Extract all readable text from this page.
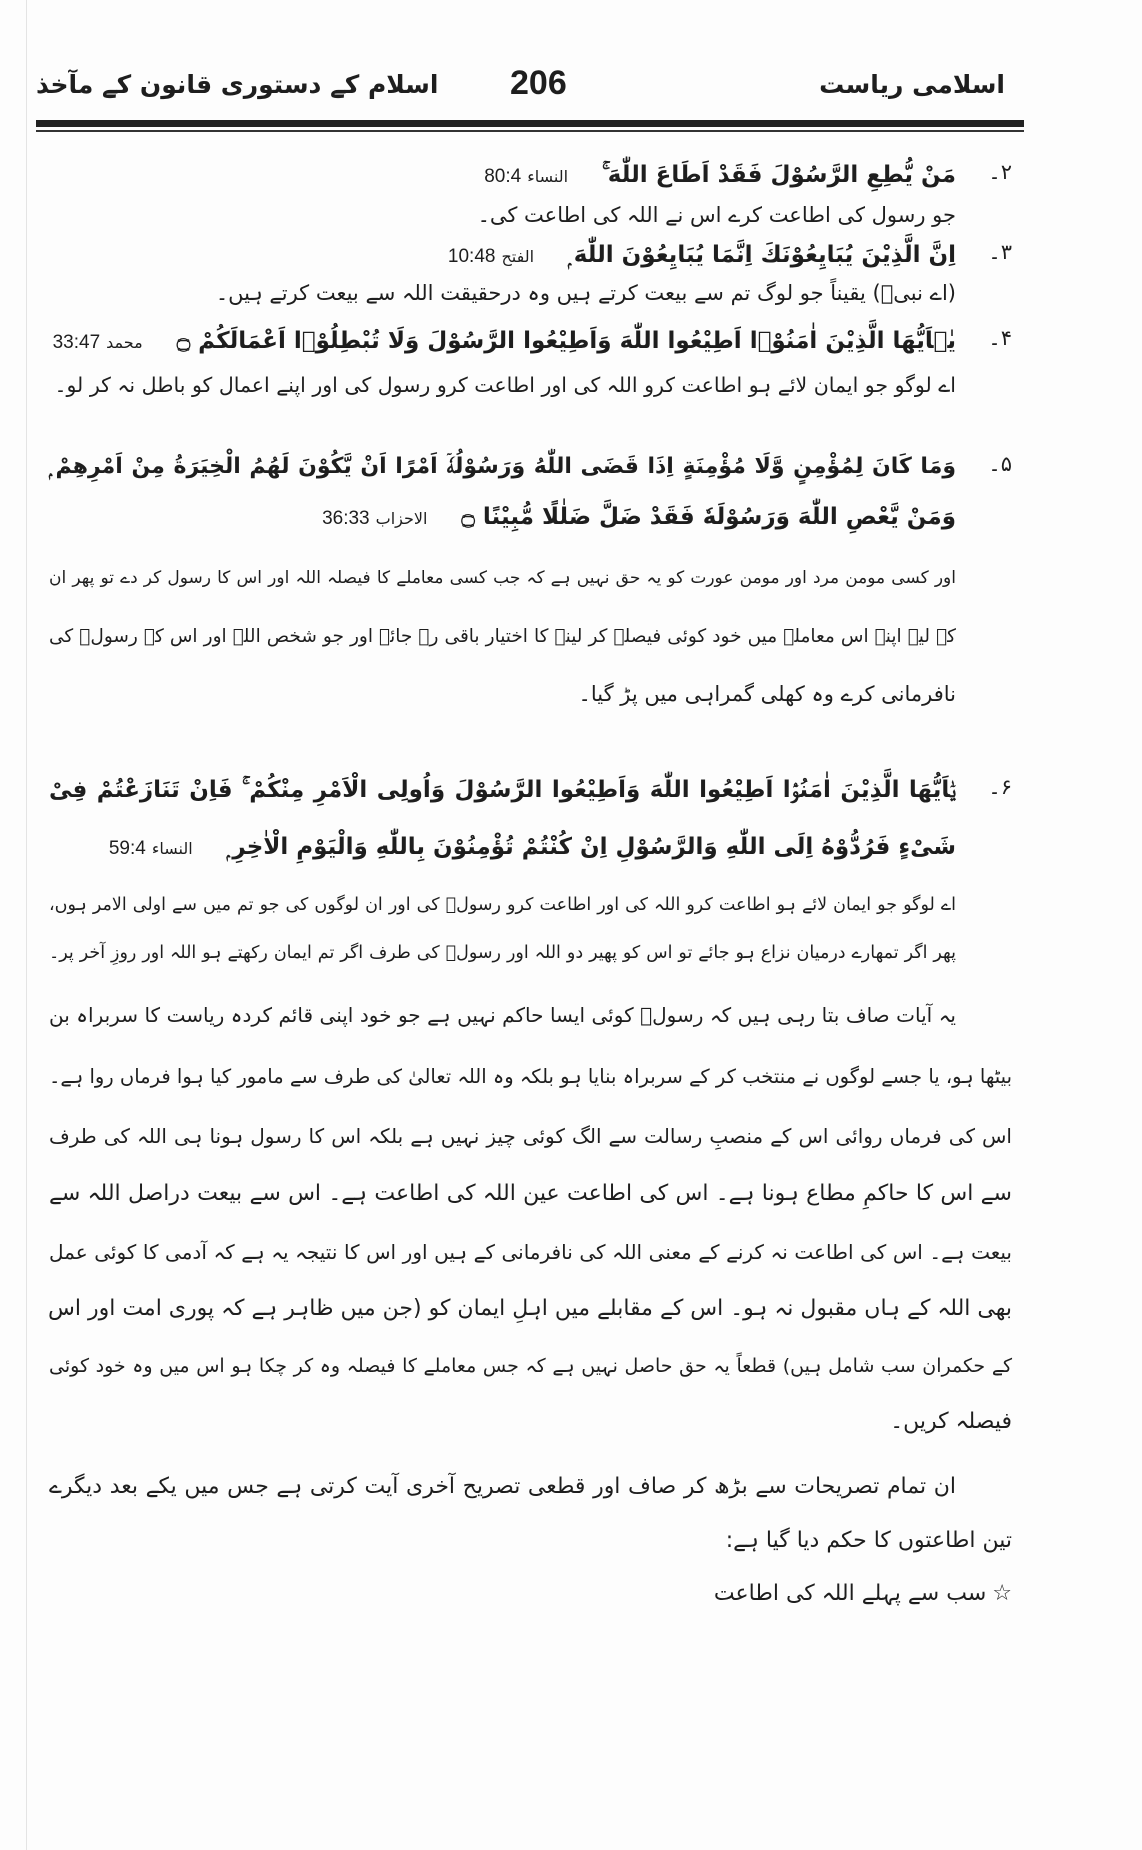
اسلامی ریاست
206
اسلام کے دستوری قانون کے مآخذ
۲۔
مَنْ یُّطِعِ الرَّسُوْلَ فَقَدْ اَطَاعَ اللّٰهَ ۚالنساء80:4
جو رسول کی اطاعت کرے اس نے اللہ کی اطاعت کی۔
۳۔
اِنَّ الَّذِیْنَ یُبَایِعُوْنَكَ اِنَّمَا یُبَایِعُوْنَ اللّٰهَ ۭالفتح10:48
(اے نبیؐ) یقیناً جو لوگ تم سے بیعت کرتے ہیں وہ درحقیقت اللہ سے بیعت کرتے ہیں۔
۴۔
یٰۤاَیُّهَا الَّذِیْنَ اٰمَنُوْۤا اَطِیْعُوا اللّٰهَ وَاَطِیْعُوا الرَّسُوْلَ وَلَا تُبْطِلُوْۤا اَعْمَالَكُمْ ۝محمد33:47
اے لوگو جو ایمان لائے ہو اطاعت کرو اللہ کی اور اطاعت کرو رسول کی اور اپنے اعمال کو باطل نہ کر لو۔
۵۔
وَمَا كَانَ لِمُؤْمِنٍ وَّلَا مُؤْمِنَةٍ اِذَا قَضَى اللّٰهُ وَرَسُوْلُهٗۤ اَمْرًا اَنْ یَّكُوْنَ لَهُمُ الْخِیَرَةُ مِنْ اَمْرِهِمْ ۭ
وَمَنْ یَّعْصِ اللّٰهَ وَرَسُوْلَهٗ فَقَدْ ضَلَّ ضَلٰلًا مُّبِیْنًا ۝الاحزاب36:33
اور کسی مومن مرد اور مومن عورت کو یہ حق نہیں ہے کہ جب کسی معاملے کا فیصلہ اللہ اور اس کا رسول کر دے تو پھر ان
کے لیے اپنے اس معاملے میں خود کوئی فیصلہ کر لینے کا اختیار باقی رہ جائے اور جو شخص اللہ اور اس کے رسولؐ کی
نافرمانی کرے وہ کھلی گمراہی میں پڑ گیا۔
۶۔
یٰۤاَیُّهَا الَّذِیْنَ اٰمَنُوْۤا اَطِیْعُوا اللّٰهَ وَاَطِیْعُوا الرَّسُوْلَ وَاُولِی الْاَمْرِ مِنْكُمْ ۚ فَاِنْ تَنَازَعْتُمْ فِیْ
شَیْءٍ فَرُدُّوْهُ اِلَى اللّٰهِ وَالرَّسُوْلِ اِنْ كُنْتُمْ تُؤْمِنُوْنَ بِاللّٰهِ وَالْیَوْمِ الْاٰخِرِ ۭالنساء59:4
اے لوگو جو ایمان لائے ہو اطاعت کرو اللہ کی اور اطاعت کرو رسولؐ کی اور ان لوگوں کی جو تم میں سے اولی الامر ہوں،
پھر اگر تمھارے درمیان نزاع ہو جائے تو اس کو پھیر دو اللہ اور رسولؐ کی طرف اگر تم ایمان رکھتے ہو اللہ اور روزِ آخر پر۔
یہ آیات صاف بتا رہی ہیں کہ رسولؐ کوئی ایسا حاکم نہیں ہے جو خود اپنی قائم کردہ ریاست کا سربراہ بن
بیٹھا ہو، یا جسے لوگوں نے منتخب کر کے سربراہ بنایا ہو بلکہ وہ اللہ تعالیٰ کی طرف سے مامور کیا ہوا فرماں روا ہے۔
اس کی فرماں روائی اس کے منصبِ رسالت سے الگ کوئی چیز نہیں ہے بلکہ اس کا رسول ہونا ہی اللہ کی طرف
سے اس کا حاکمِ مطاع ہونا ہے۔ اس کی اطاعت عین اللہ کی اطاعت ہے۔ اس سے بیعت دراصل اللہ سے
بیعت ہے۔ اس کی اطاعت نہ کرنے کے معنی اللہ کی نافرمانی کے ہیں اور اس کا نتیجہ یہ ہے کہ آدمی کا کوئی عمل
بھی اللہ کے ہاں مقبول نہ ہو۔ اس کے مقابلے میں اہلِ ایمان کو (جن میں ظاہر ہے کہ پوری امت اور اس
کے حکمران سب شامل ہیں) قطعاً یہ حق حاصل نہیں ہے کہ جس معاملے کا فیصلہ وہ کر چکا ہو اس میں وہ خود کوئی
فیصلہ کریں۔
ان تمام تصریحات سے بڑھ کر صاف اور قطعی تصریح آخری آیت کرتی ہے جس میں یکے بعد دیگرے
تین اطاعتوں کا حکم دیا گیا ہے:
☆سب سے پہلے اللہ کی اطاعت
